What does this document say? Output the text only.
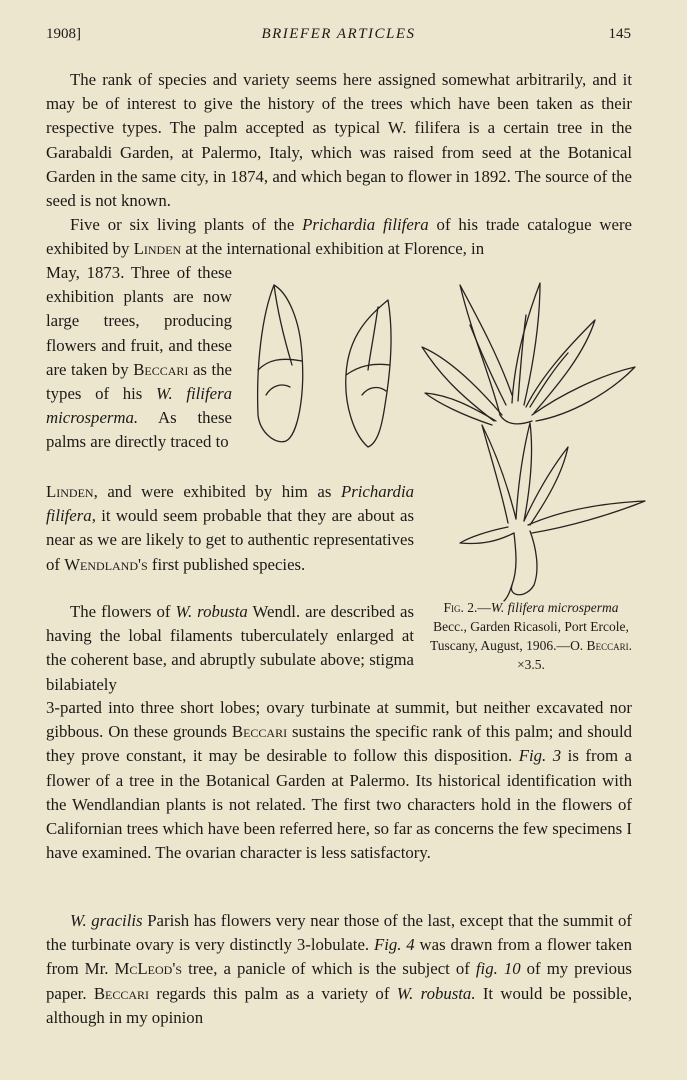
1908]	BRIEFER ARTICLES	145

The rank of species and variety seems here assigned somewhat arbitrarily, and it may be of interest to give the history of the trees which have been taken as their respective types. The palm accepted as typical W. filifera is a certain tree in the Garabaldi Garden, at Palermo, Italy, which was raised from seed at the Botanical Garden in the same city, in 1874, and which began to flower in 1892. The source of the seed is not known.

Five or six living plants of the Prichardia filifera of his trade catalogue were exhibited by Linden at the international exhibition at Florence, in

May, 1873. Three of these exhibition plants are now large trees, producing flowers and fruit, and these are taken by Beccari as the types of his W. filifera microsperma. As these palms are directly traced to

Linden, and were exhibited by him as Prichardia filifera, it would seem probable that they are about as near as we are likely to get to authentic representatives of Wendland's first published species.

The flowers of W. robusta Wendl. are described as having the lobal filaments tuberculately enlarged at the coherent base, and abruptly subulate above; stigma bilabiately

3-parted into three short lobes; ovary turbinate at summit, but neither excavated nor gibbous. On these grounds Beccari sustains the specific rank of this palm; and should they prove constant, it may be desirable to follow this disposition. Fig. 3 is from a flower of a tree in the Botanical Garden at Palermo. Its historical identification with the Wendlandian plants is not related. The first two characters hold in the flowers of Californian trees which have been referred here, so far as concerns the few specimens I have examined. The ovarian character is less satisfactory.

W. gracilis Parish has flowers very near those of the last, except that the summit of the turbinate ovary is very distinctly 3-lobulate. Fig. 4 was drawn from a flower taken from Mr. McLeod's tree, a panicle of which is the subject of fig. 10 of my previous paper. Beccari regards this palm as a variety of W. robusta. It would be possible, although in my opinion

Fig. 2.—W. filifera microsperma Becc., Garden Ricasoli, Port Ercole, Tuscany, August, 1906.—O. Beccari. ×3.5.
